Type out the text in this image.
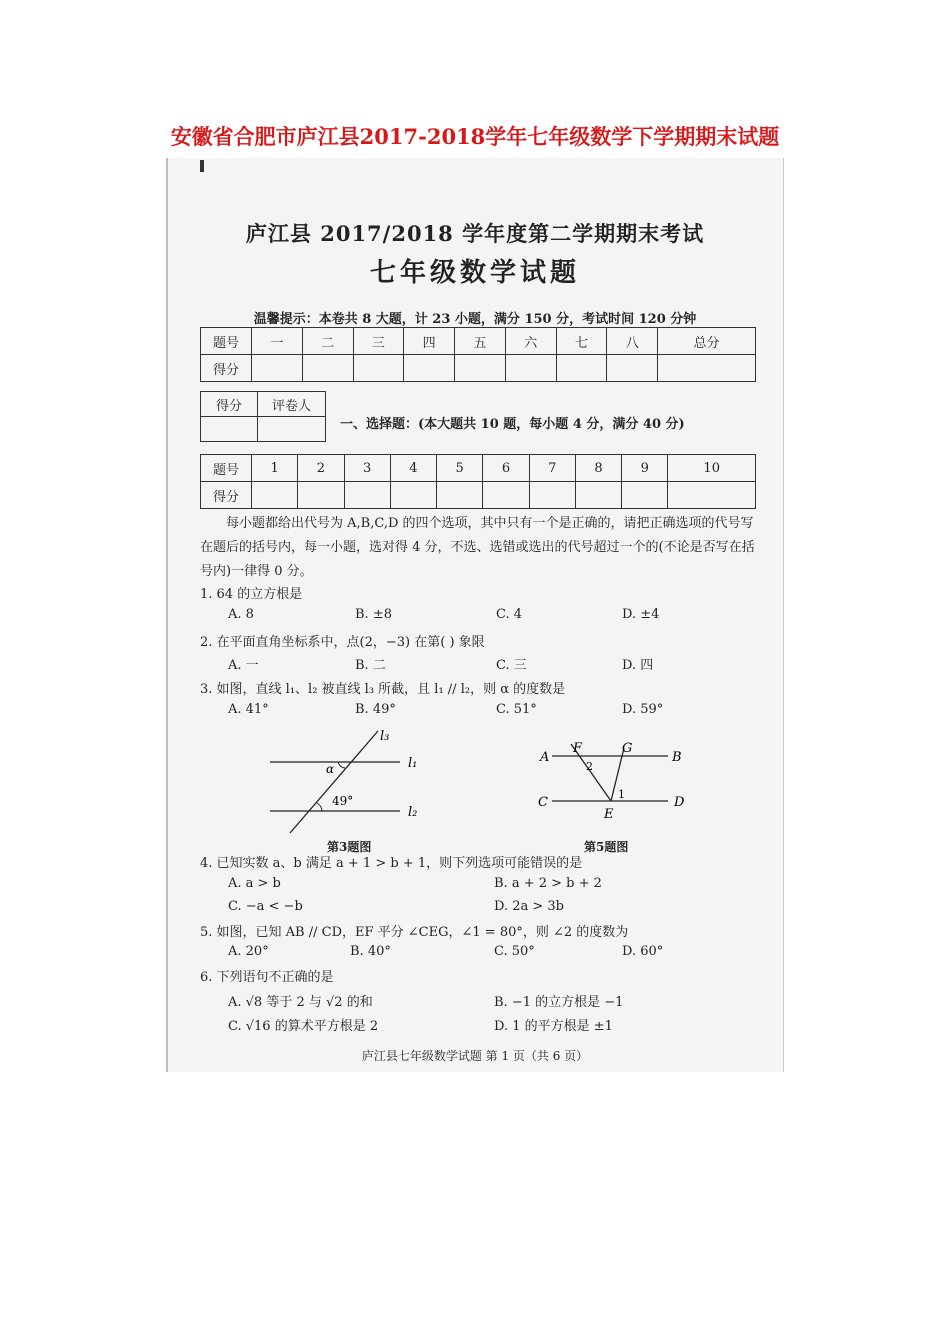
安徽省合肥市庐江县2017-2018学年七年级数学下学期期末试题
庐江县 2017/2018 学年度第二学期期末考试
七年级数学试题
温馨提示：本卷共 8 大题，计 23 小题，满分 150 分，考试时间 120 分钟
题号	一	二	三	四	五	六	七	八	总分
得分									
得分	评卷人

一、选择题：(本大题共 10 题，每小题 4 分，满分 40 分)
题号	1	2	3	4	5	6	7	8	9	10
得分										
每小题都给出代号为 A,B,C,D 的四个选项，其中只有一个是正确的，请把正确选项的代号写在题后的括号内，每一小题，选对得 4 分，不选、选错或选出的代号超过一个的(不论是否写在括号内)一律得 0 分。
1. 64 的立方根是
A. 8	B. ±8	C. 4	D. ±4
2. 在平面直角坐标系中，点(2，−3) 在第( ) 象限
A. 一	B. 二	C. 三	D. 四
3. 如图，直线 l₁、l₂ 被直线 l₃ 所截，且 l₁ // l₂，则 α 的度数是
A. 41°	B. 49°	C. 51°	D. 59°
α
49°
l₁
l₂
l₃
第3题图
A	B
C	D
E
F	G
1
2
第5题图
4. 已知实数 a、b 满足 a + 1 > b + 1，则下列选项可能错误的是
A. a > b	B. a + 2 > b + 2
C. −a < −b	D. 2a > 3b
5. 如图，已知 AB // CD，EF 平分 ∠CEG，∠1 = 80°，则 ∠2 的度数为
A. 20°	B. 40°	C. 50°	D. 60°
6. 下列语句不正确的是
A. √8 等于 2 与 √2 的和	B. −1 的立方根是 −1
C. √16 的算术平方根是 2	D. 1 的平方根是 ±1
庐江县七年级数学试题 第 1 页（共 6 页）
